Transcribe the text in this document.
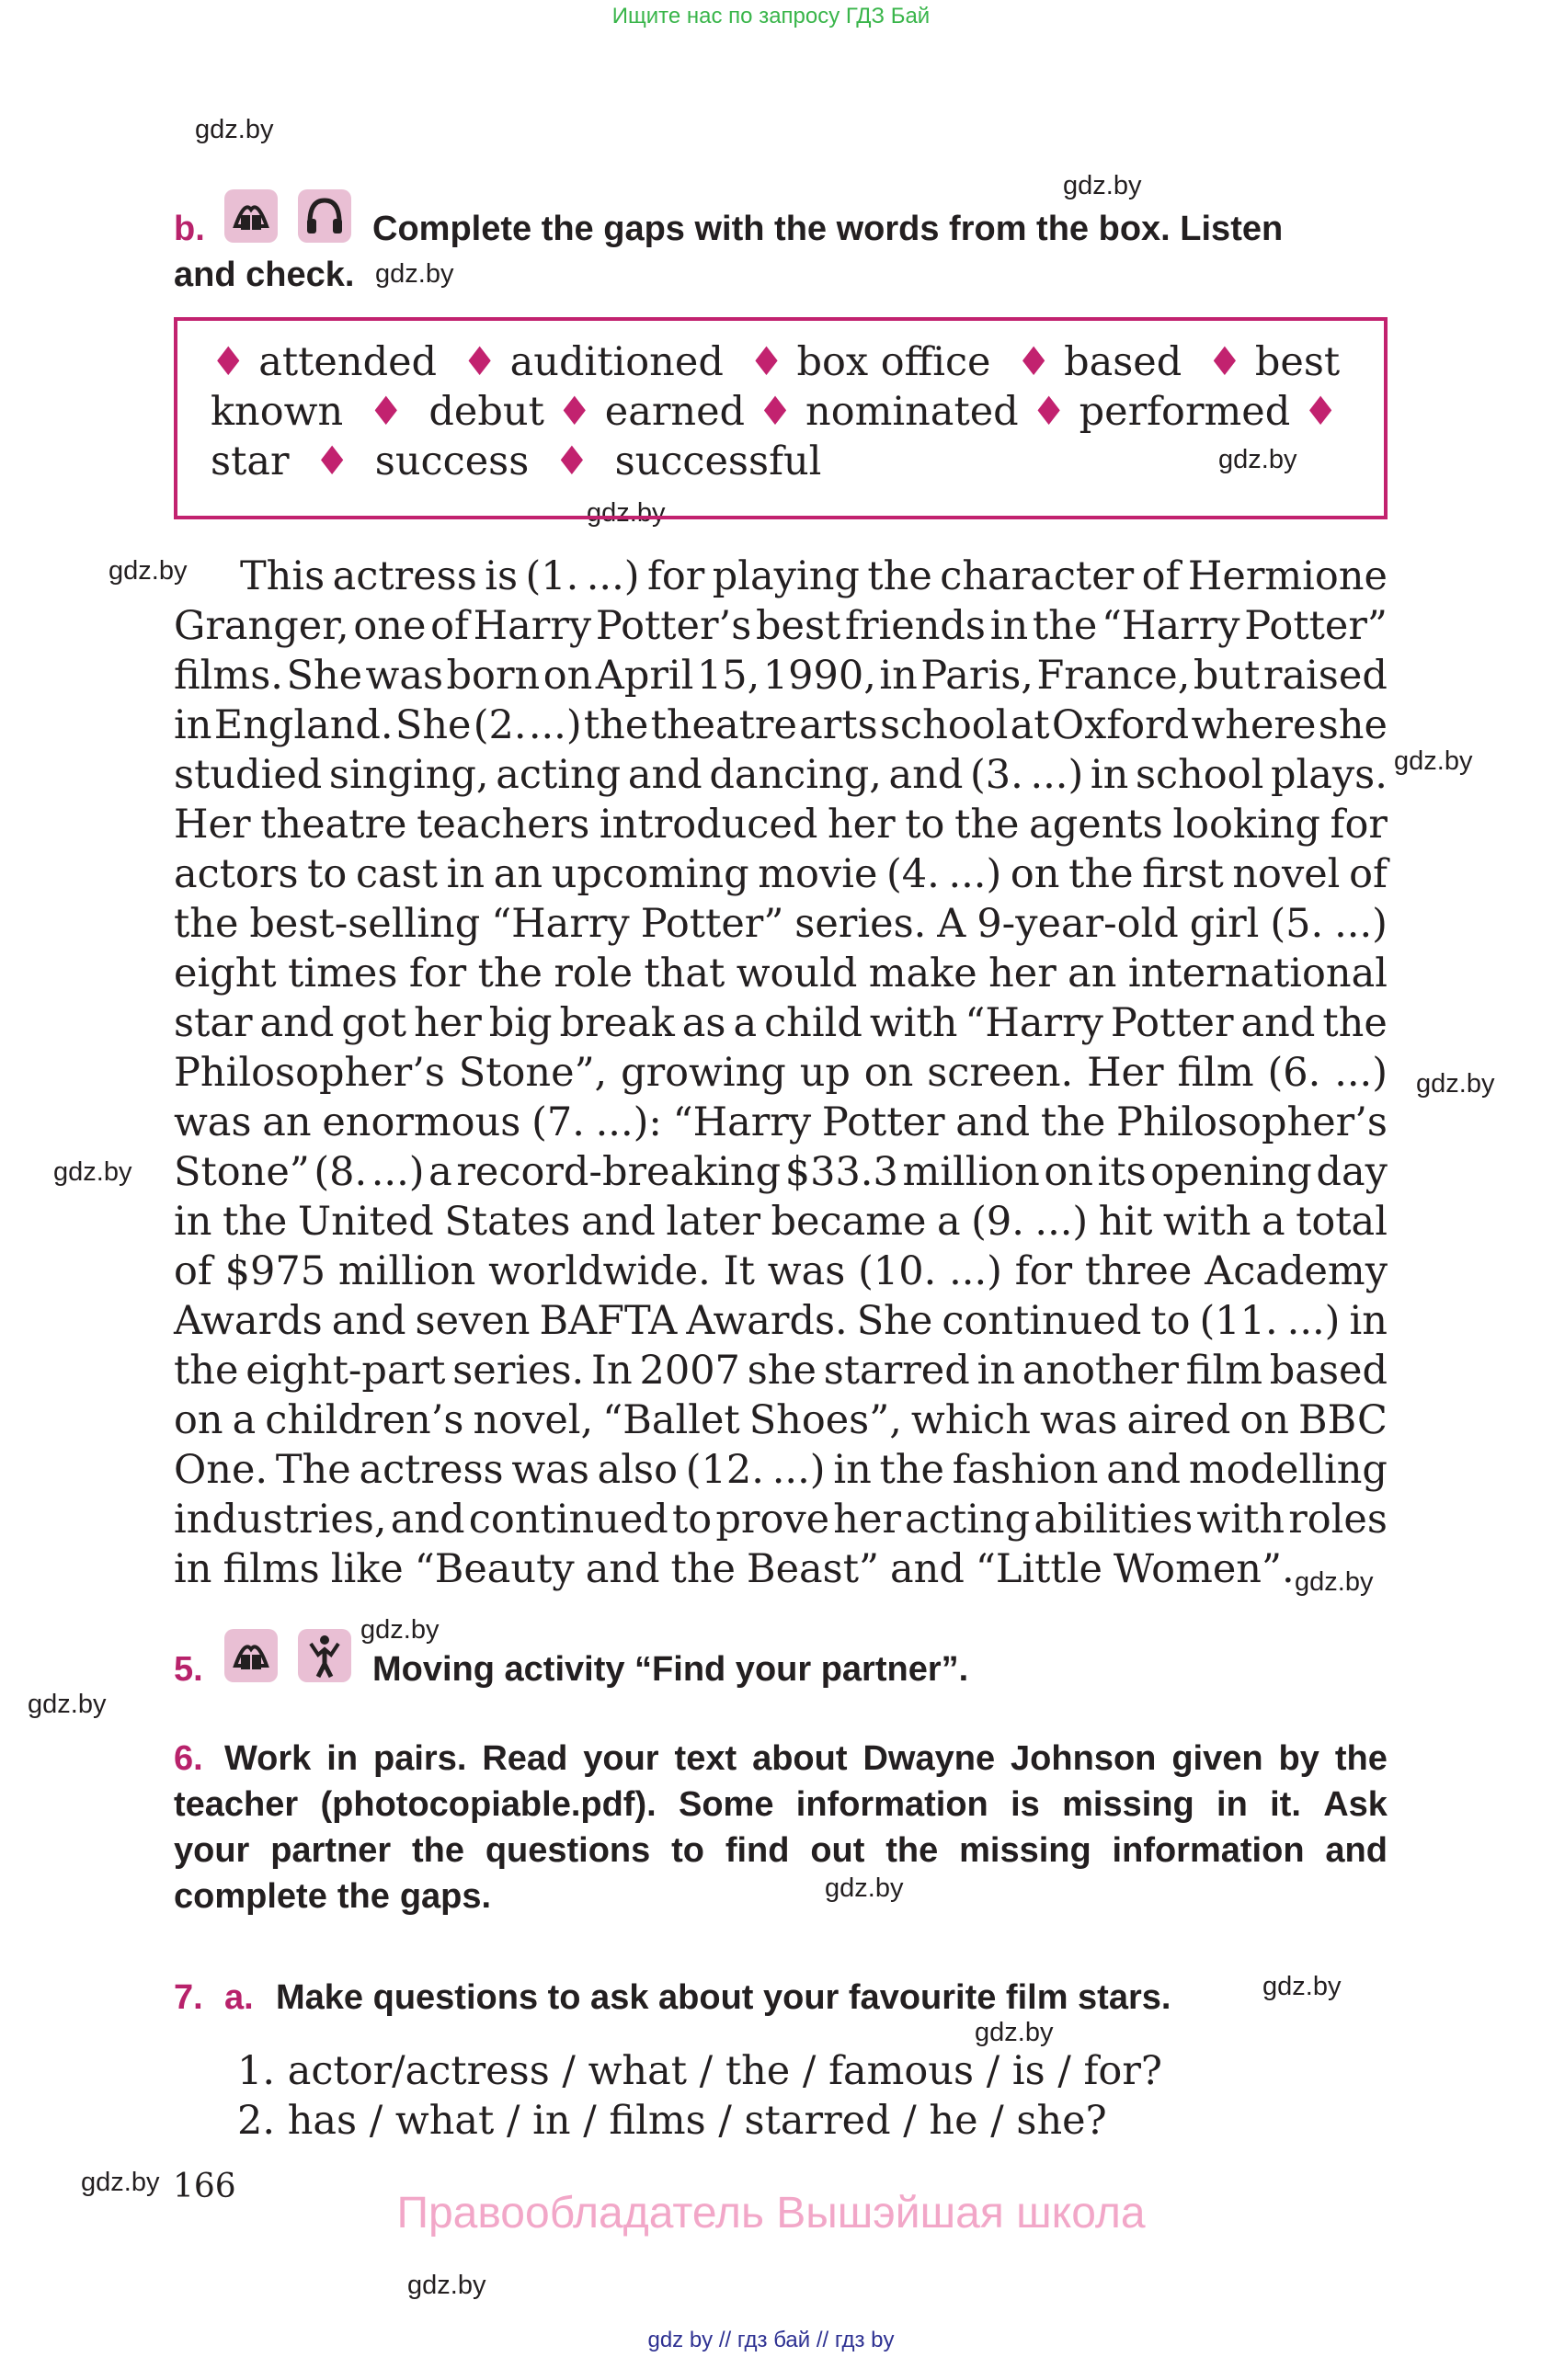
Ищите нас по запросу ГДЗ Бай
gdz.by
gdz.by
gdz.by
gdz.by
gdz.by
gdz.by
gdz.by
gdz.by
gdz.by
gdz.by
gdz.by
gdz.by
gdz.by
gdz.by
gdz.by
gdz.by
gdz.by
b.	Complete the gaps with the words from the box. Listen
and check.
♦ attended ♦ auditioned ♦ box office ♦ based ♦ best
known ♦ debut ♦ earned ♦ nominated ♦ performed ♦
star ♦ success ♦ successful
This actress is (1. ...) for playing the character of Hermione
Granger, one of Harry Potter’s best friends in the “Harry Potter”
films. She was born on April 15, 1990, in Paris, France, but raised
in England. She (2. ...) the theatre arts school at Oxford where she
studied singing, acting and dancing, and (3. ...) in school plays.
Her theatre teachers introduced her to the agents looking for
actors to cast in an upcoming movie (4. ...) on the first novel of
the best-selling “Harry Potter” series. A 9-year-old girl (5. ...)
eight times for the role that would make her an international
star and got her big break as a child with “Harry Potter and the
Philosopher’s Stone”, growing up on screen. Her film (6. ...)
was an enormous (7. ...): “Harry Potter and the Philosopher’s
Stone” (8. ...) a record-breaking $33.3 million on its opening day
in the United States and later became a (9. ...) hit with a total
of $975 million worldwide. It was (10. ...) for three Academy
Awards and seven BAFTA Awards. She continued to (11. ...) in
the eight-part series. In 2007 she starred in another film based
on a children’s novel, “Ballet Shoes”, which was aired on BBC
One. The actress was also (12. ...) in the fashion and modelling
industries, and continued to prove her acting abilities with roles
in films like “Beauty and the Beast” and “Little Women”.
5.	Moving activity “Find your partner”.
6. Work in pairs. Read your text about Dwayne Johnson given by the
teacher (photocopiable.pdf). Some information is missing in it. Ask
your partner the questions to find out the missing information and
complete the gaps.
7. a. Make questions to ask about your favourite film stars.
1. actor/actress / what / the / famous / is / for?
2. has / what / in / films / starred / he / she?
166
Правообладатель Вышэйшая школа
gdz by // гдз бай // гдз by
